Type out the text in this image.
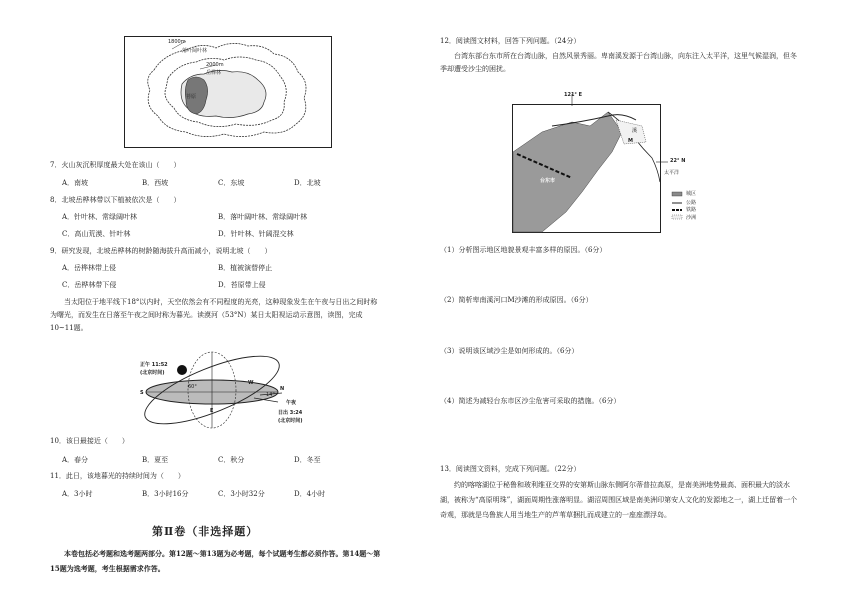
1800m
落叶阔叶林
2000m
岳桦林
苔原
7．火山灰沉积厚度最大处在该山（　　）
A．南坡	B．西坡	C．东坡	D．北坡
8．北坡岳桦林带以下植被依次是（　　）
A．针叶林、常绿阔叶林	B．落叶阔叶林、常绿阔叶林
C．高山荒漠、针叶林	D．针叶林、针阔混交林
9．研究发现，北坡岳桦林的树龄随海拔升高而减小，说明北坡（　　）
A．岳桦林带上侵	B．植被演替停止
C．岳桦林带下侵	D．苔原带上侵
当太阳位于地平线下18°以内时，天空依然会有不同程度的光亮，这种现象发生在午夜与日出之间时称为曙光，而发生在日落至午夜之间时称为暮光。读漠河（53°N）某日太阳视运动示意图，读图，完成10~11题。
正午 11:52
(北京时间)
60°
14°
午夜
日出 3:24
(北京时间)
S
N
E
W
10．该日最接近（　　）
A．春分	B．夏至	C．秋分	D．冬至
11．此日，该地暮光的持续时间为（　　）
A．3小时	B．3小时16分	C．3小时32分	D．4小时
第Ⅱ卷（非选择题）
本卷包括必考题和选考题两部分。第12题～第13题为必考题，每个试题考生都必须作答。第14题～第15题为选考题，考生根据需求作答。
12．阅读图文材料，回答下列问题。（24分）
台湾东部台东市所在台湾山脉，自然风景秀丽。卑南溪发源于台湾山脉，向东注入太平洋，这里气候湿润，但冬季却遭受沙尘的困扰。
121° E
22° N
台东市
溪
M
太平洋
城区
公路
铁路
沙洲
（1）分析图示地区地貌景观丰富多样的原因。（6分）
（2）简析卑南溪河口M沙滩的形成原因。（6分）
（3）说明该区域沙尘是如何形成的。（6分）
（4）简述为减轻台东市区沙尘危害可采取的措施。（6分）
13．阅读图文资料，完成下列问题。（22分）
约的喀喀湖位于秘鲁和玻利维亚交界的安第斯山脉东侧阿尔蒂普拉高原，是南美洲地势最高、面积最大的淡水湖，被称为“高原明珠”，湖面周期性涨落明显。湖沼周围区域是南美洲印第安人文化的发源地之一，湖上迁留着一个奇观，那就是乌鲁族人用当地生产的芦苇草捆扎而成建立的一座座漂浮岛。
